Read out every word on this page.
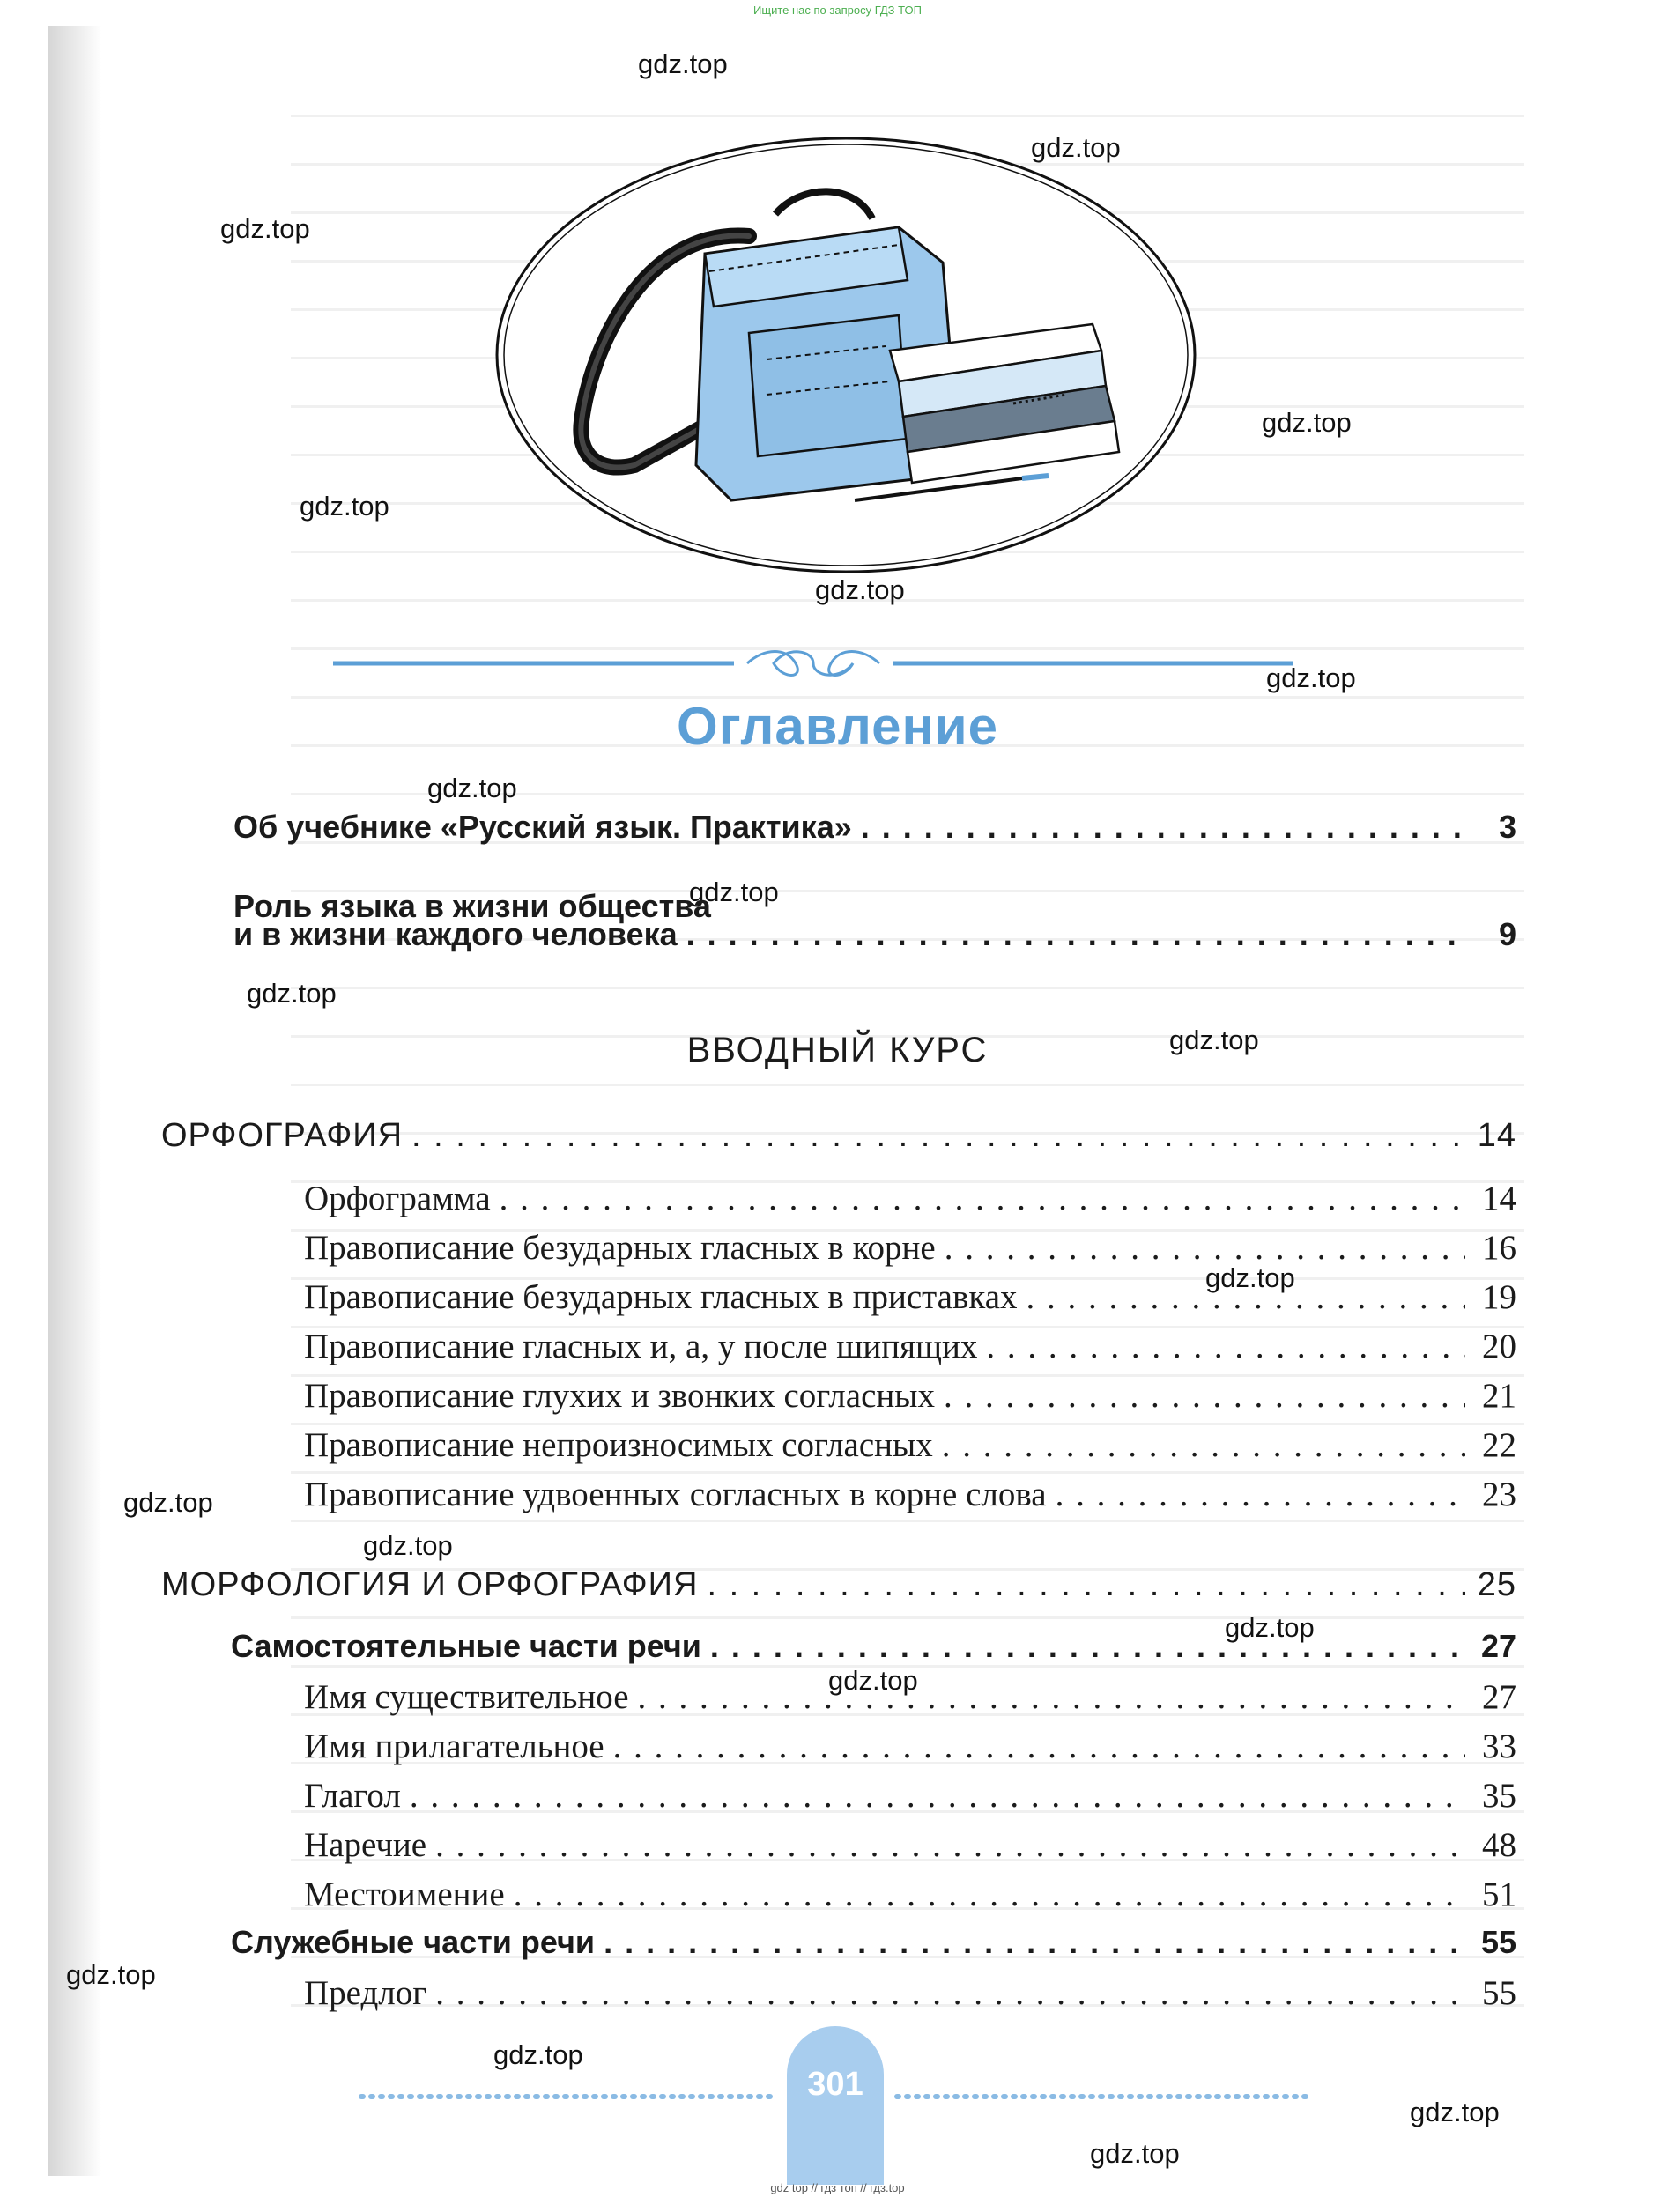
Ищите нас по запросу ГДЗ ТОП
gdz.top
gdz.top
gdz.top
gdz.top
gdz.top
gdz.top
gdz.top
gdz.top
gdz.top
gdz.top
gdz.top
gdz.top
gdz.top
gdz.top
gdz.top
gdz.top
gdz.top
gdz.top
gdz.top
gdz.top
Оглавление
Об учебнике «Русский язык. Практика» . . .	3
Роль языка в жизни общества
и в жизни каждого человека . . .	9
ВВОДНЫЙ КУРС
ОРФОГРАФИЯ . . .	14
Орфограмма . . .	14
Правописание безударных гласных в корне . . .	16
Правописание безударных гласных в приставках . . .	19
Правописание гласных и, а, у после шипящих . . .	20
Правописание глухих и звонких согласных . . .	21
Правописание непроизносимых согласных . . .	22
Правописание удвоенных согласных в корне слова . . .	23
МОРФОЛОГИЯ И ОРФОГРАФИЯ . . .	25
Самостоятельные части речи . . .	27
Имя существительное . . .	27
Имя прилагательное . . .	33
Глагол . . .	35
Наречие . . .	48
Местоимение . . .	51
Служебные части речи . . .	55
Предлог . . .	55
301
gdz top // гдз топ // гдз.top
